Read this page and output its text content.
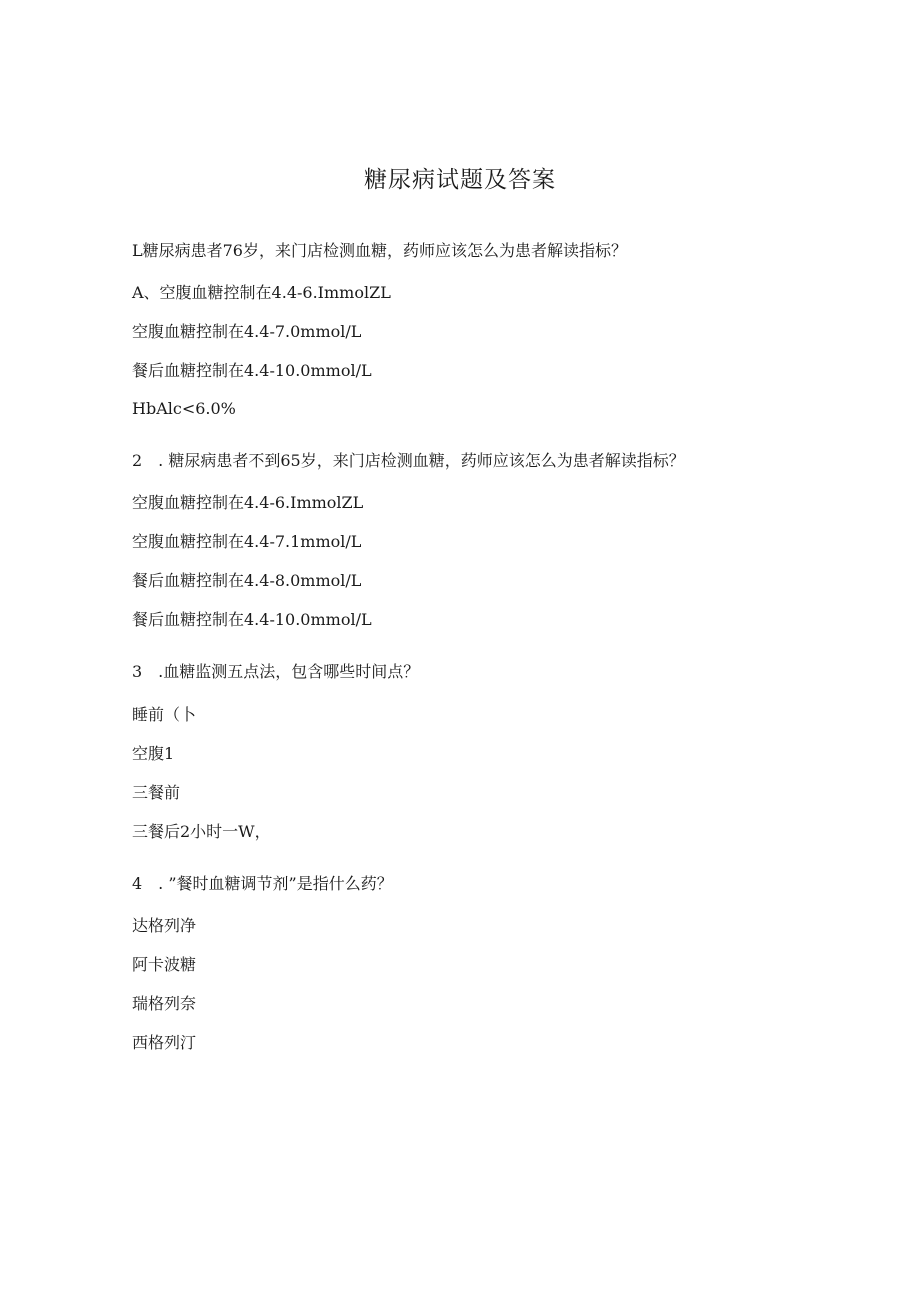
糖尿病试题及答案
L糖尿病患者76岁，来门店检测血糖，药师应该怎么为患者解读指标？
A、空腹血糖控制在4.4-6.ImmolZL
空腹血糖控制在4.4-7.0mmol∕L
餐后血糖控制在4.4-10.0mmol∕L
HbAlc<6.0%
2　. 糖尿病患者不到65岁，来门店检测血糖，药师应该怎么为患者解读指标？
空腹血糖控制在4.4-6.ImmolZL
空腹血糖控制在4.4-7.1mmol/L
餐后血糖控制在4.4-8.0mmol∕L
餐后血糖控制在4.4-10.0mmol∕L
3　.血糖监测五点法，包含哪些时间点？
睡前（卜
空腹1
三餐前
三餐后2小时一W，
4　. ”餐时血糖调节剂”是指什么药？
达格列净
阿卡波糖
瑞格列奈
西格列汀
